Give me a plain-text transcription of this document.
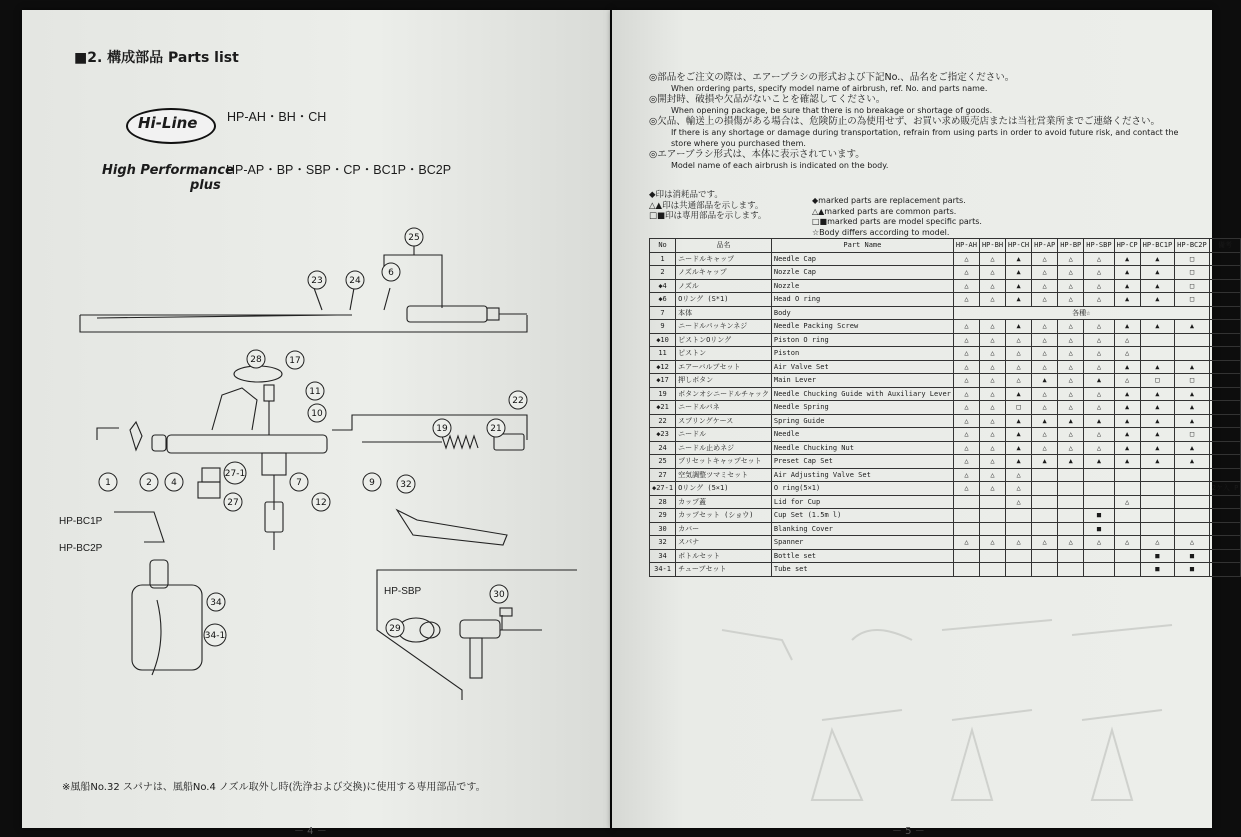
■2. 構成部品 Parts list

Hi-Line HP-AH・BH・CH
High Performance
plus
HP-AP・BP・SBP・CP・BC1P・BC2P
25
23	24
6
28	17
11
10
19	21
22
1	2 4
27-1
27
7	9
12
32
34
34-1
30
29
HP-BC1P
HP-BC2P
HP-SBP
※風船No.32 スパナは、風船No.4 ノズル取外し時(洗浄および交換)に使用する専用部品です。
－ 4 －
◎部品をご注文の際は、エアーブラシの形式および下記No.、品名をご指定ください。
When ordering parts, specify model name of airbrush, ref. No. and parts name.
◎開封時、破損や欠品がないことを確認してください。
When opening package, be sure that there is no breakage or shortage of goods.
◎欠品、輸送上の損傷がある場合は、危険防止の為使用せず、お買い求め販売店または当社営業所までご連絡ください。
If there is any shortage or damage during transportation, refrain from using parts in order to avoid future risk, and contact the store where you purchased them.
◎エアーブラシ形式は、本体に表示されています。
Model name of each airbrush is indicated on the body.
◆印は消耗品です。
△▲印は共通部品を示します。
□■印は専用部品を示します。
◆marked parts are replacement parts.
△▲marked parts are common parts.
□■marked parts are model specific parts.
☆Body differs according to model.
No	品名	Part Name	HP-AH	HP-BH	HP-CH	HP-AP	HP-BP	HP-SBP	HP-CP	HP-BC1P	HP-BC2P	備考
1	ニードルキャップ	Needle Cap	△	△	▲	△	△	△	▲	▲	□	
2	ノズルキャップ	Nozzle Cap	△	△	▲	△	△	△	▲	▲	□	
◆4	ノズル	Nozzle	△	△	▲	△	△	△	▲	▲	□	
◆6	Oリング (S*1)	Head O ring	△	△	▲	△	△	△	▲	▲	□	
7	本体	Body	各種☆									
9	ニードルパッキンネジ	Needle Packing Screw	△	△	▲	△	△	△	▲	▲	▲	
◆10	ピストンOリング	Piston O ring	△	△	△	△	△	△	△			
11	ピストン	Piston	△	△	△	△	△	△	△			
◆12	エアーバルブセット	Air Valve Set	△	△	△	△	△	△	▲	▲	▲	
◆17	押しボタン	Main Lever	△	△	△	▲	△	▲	△	□	□	
19	ボタンオシニードルチャック	Needle Chucking Guide with Auxiliary Lever	△	△	▲	△	△	△	▲	▲	▲	
◆21	ニードルバネ	Needle Spring	△	△	□	△	△	△	▲	▲	▲	
22	スプリングケース	Spring Guide	△	△	▲	▲	▲	▲	▲	▲	▲	
◆23	ニードル	Needle	△	△	▲	△	△	△	▲	▲	□	
24	ニードル止めネジ	Needle Chucking Nut	△	△	▲	△	△	△	▲	▲	▲	
25	プリセットキャップセット	Preset Cap Set	△	△	▲	▲	▲	▲	▲	▲	▲	
27	空気調整ツマミセット	Air Adjusting Valve Set	△	△	△							
◆27-1	Oリング (5×1)	O ring(5×1)	△	△	△							2ケ入 P
28	カップ蓋	Lid for Cup			△				△			
29	カップセット (ショウ)	Cup Set (1.5m l)						■				
30	カバー	Blanking Cover						■				
32	スパナ	Spanner	△	△	△	△	△	△	△	△	△	
34	ボトルセット	Bottle set								■	■	
34-1	チューブセット	Tube set								■	■	
－ 5 －
